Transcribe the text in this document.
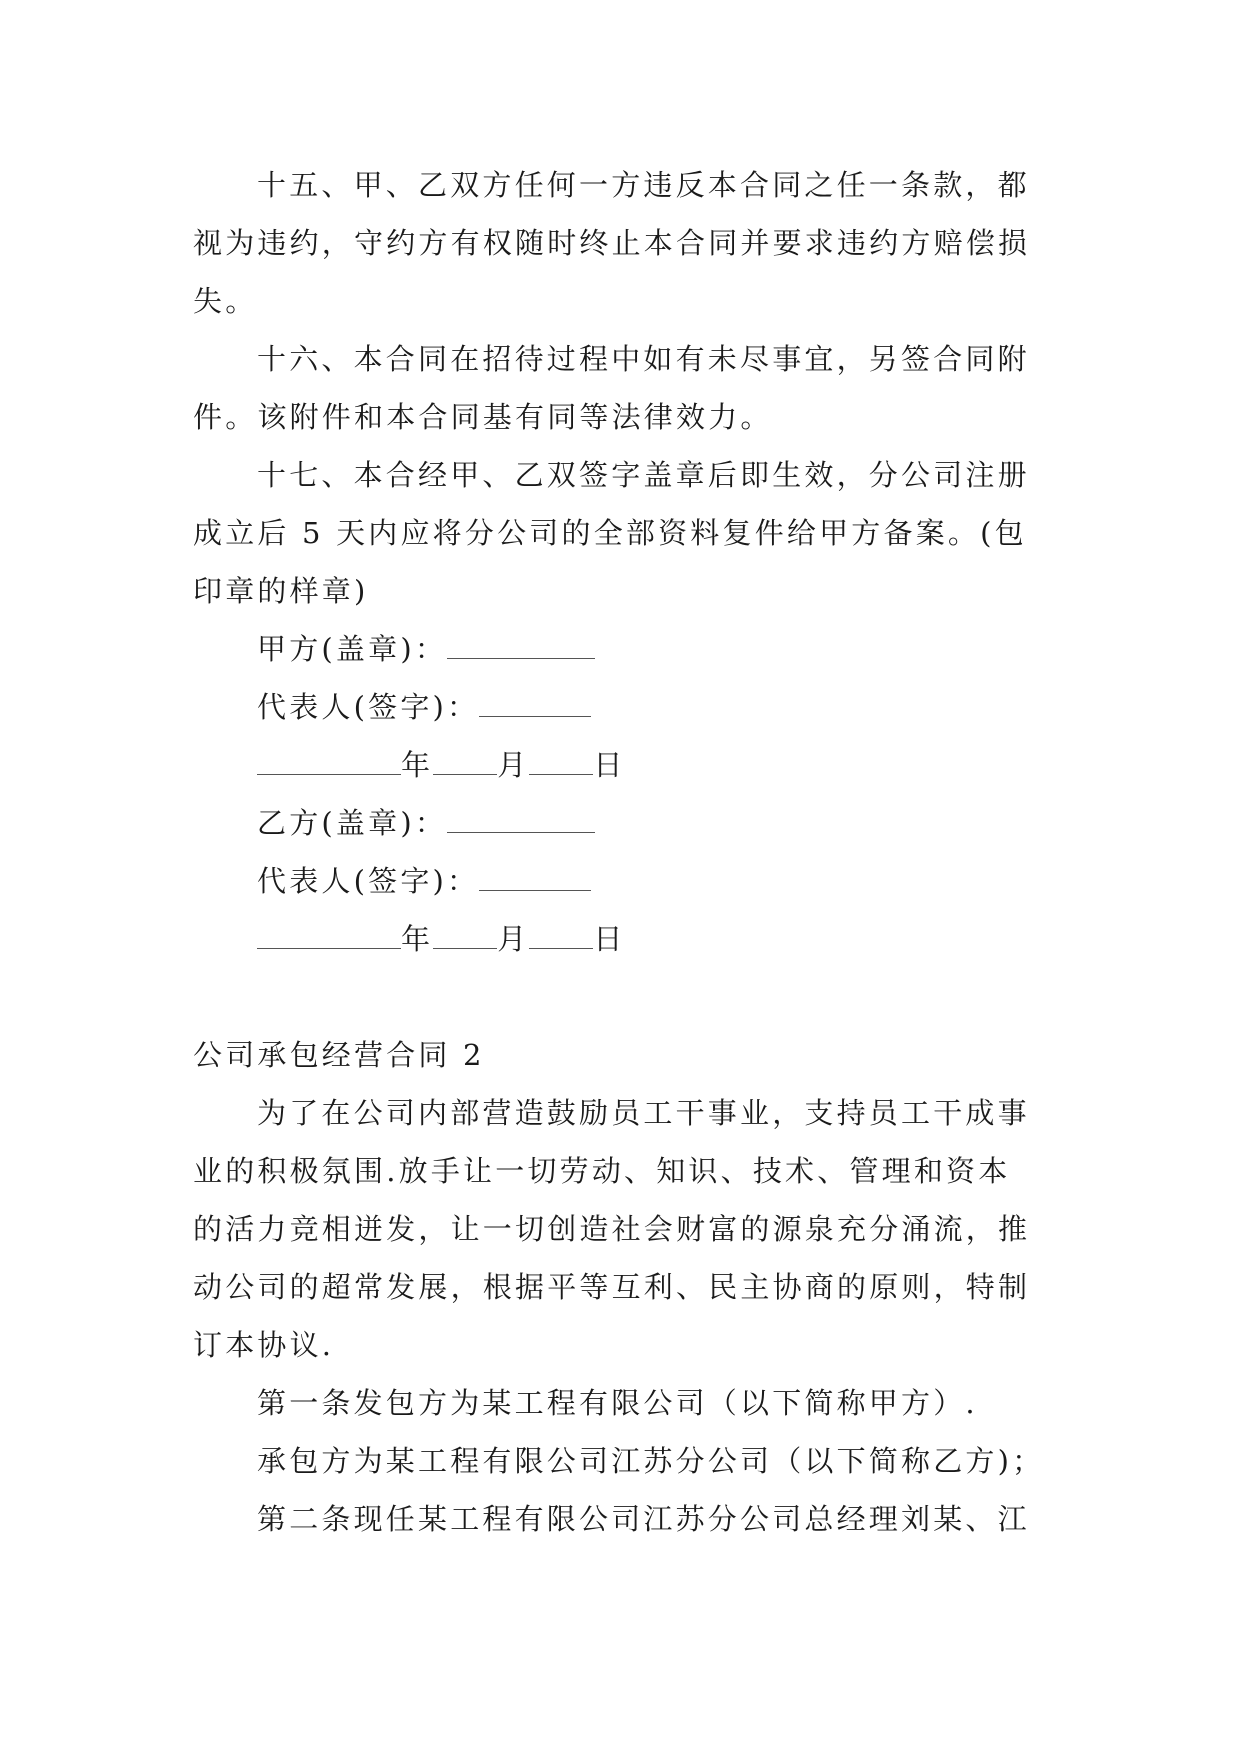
十五、甲、乙双方任何一方违反本合同之任一条款，都
视为违约，守约方有权随时终止本合同并要求违约方赔偿损
失。
十六、本合同在招待过程中如有未尽事宜，另签合同附
件。该附件和本合同基有同等法律效力。
十七、本合经甲、乙双签字盖章后即生效，分公司注册
成立后 5 天内应将分公司的全部资料复件给甲方备案。(包
印章的样章)
甲方(盖章)：
代表人(签字)：
年 月 日
乙方(盖章)：
代表人(签字)：
年 月 日
公司承包经营合同 2
为了在公司内部营造鼓励员工干事业，支持员工干成事
业的积极氛围.放手让一切劳动、知识、技术、管理和资本
的活力竞相迸发，让一切创造社会财富的源泉充分涌流，推
动公司的超常发展，根据平等互利、民主协商的原则，特制
订本协议.
第一条发包方为某工程有限公司（以下简称甲方）.
承包方为某工程有限公司江苏分公司（以下简称乙方)；
第二条现任某工程有限公司江苏分公司总经理刘某、江
